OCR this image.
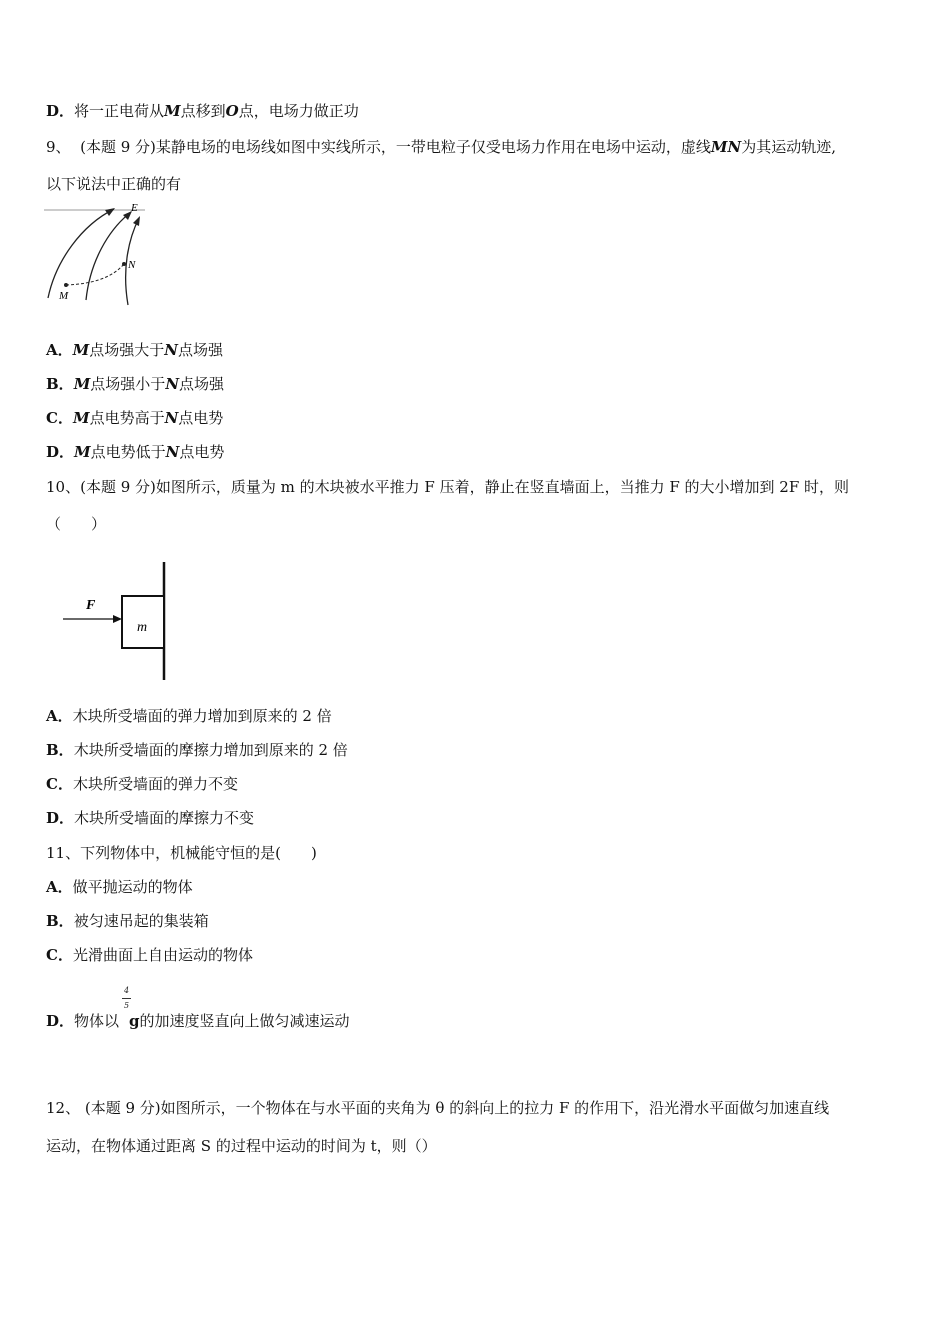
D．将一正电荷从M点移到O点，电场力做正功
9、 (本题 9 分)某静电场的电场线如图中实线所示，一带电粒子仅受电场力作用在电场中运动，虚线MN为其运动轨迹,
以下说法中正确的有
E
M
N
A．M点场强大于N点场强
B．M点场强小于N点场强
C．M点电势高于N点电势
D．M点电势低于N点电势
10、(本题 9 分)如图所示，质量为 m 的木块被水平推力 F 压着，静止在竖直墙面上，当推力 F 的大小增加到 2F 时，则
（　　）
F
m
A．木块所受墙面的弹力增加到原来的 2 倍
B．木块所受墙面的摩擦力增加到原来的 2 倍
C．木块所受墙面的弹力不变
D．木块所受墙面的摩擦力不变
11、下列物体中，机械能守恒的是(　　)
A．做平抛运动的物体
B．被匀速吊起的集装箱
C．光滑曲面上自由运动的物体
4
5
D．物体以 g的加速度竖直向上做匀减速运动
12、 (本题 9 分)如图所示，一个物体在与水平面的夹角为 θ 的斜向上的拉力 F 的作用下，沿光滑水平面做匀加速直线
运动，在物体通过距离 S 的过程中运动的时间为 t，则（）
